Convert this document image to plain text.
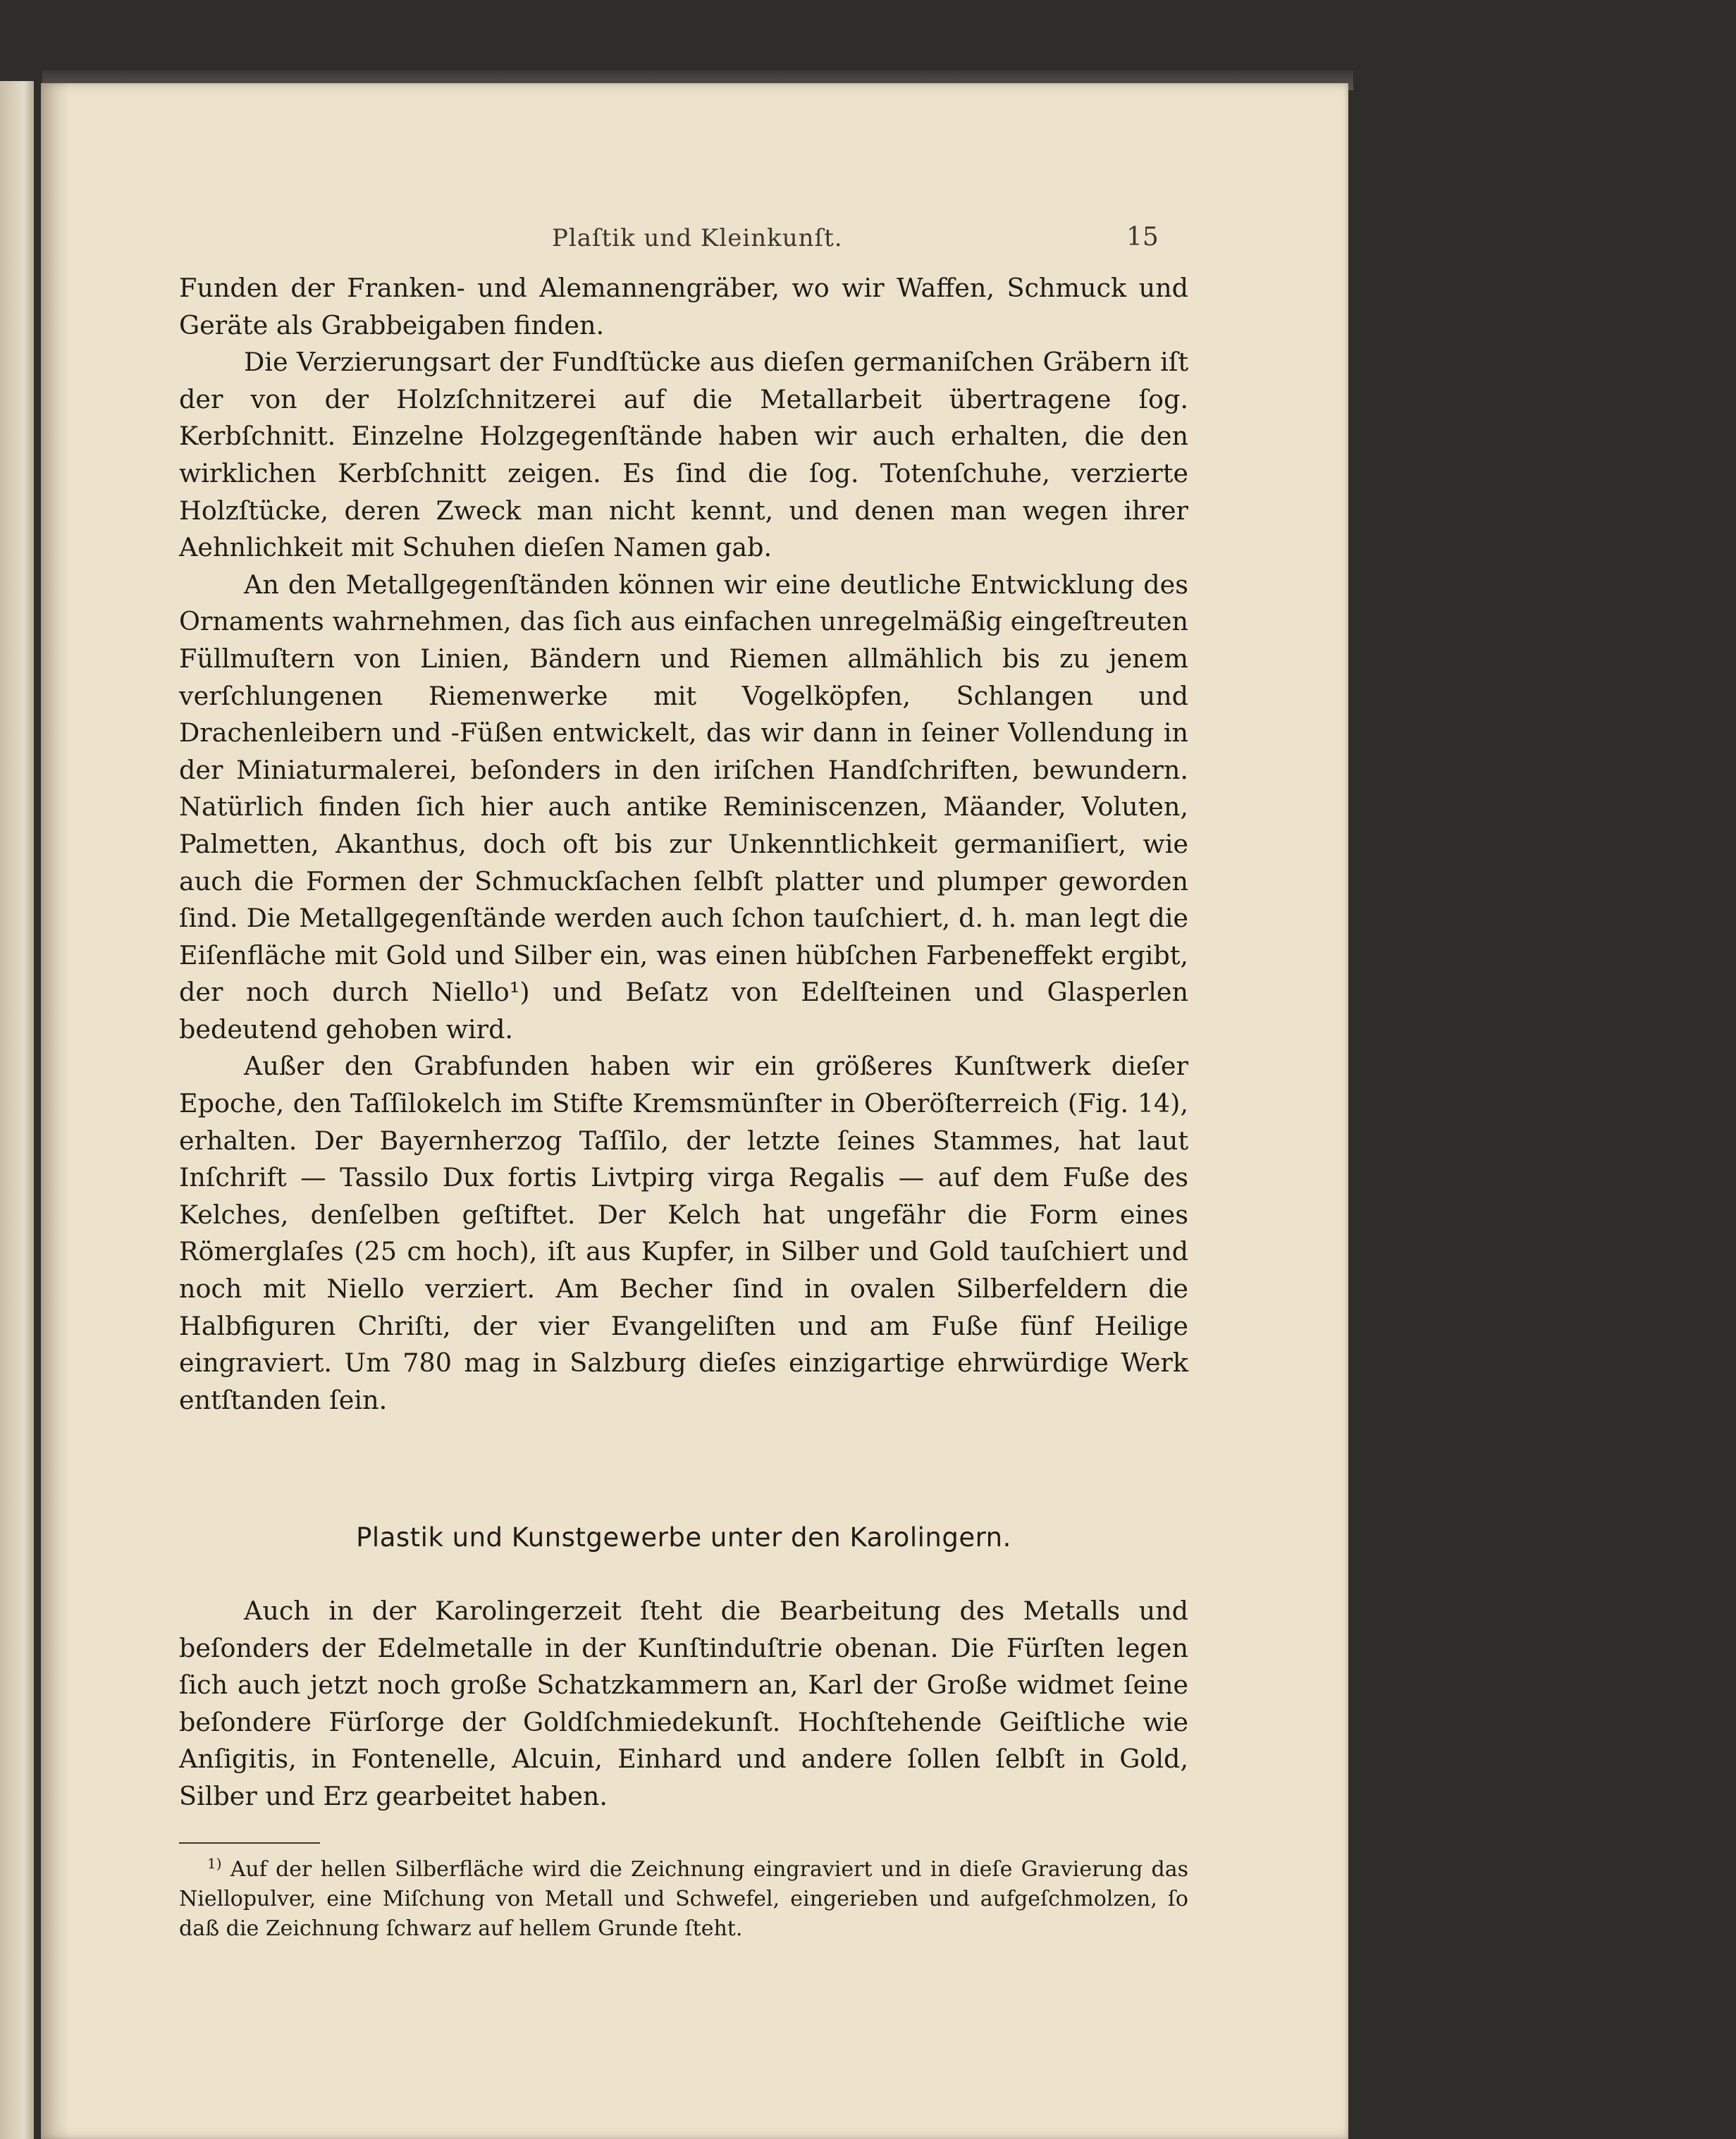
Plaſtik und Kleinkunſt.	15

Funden der Franken- und Alemannengräber, wo wir Waffen, Schmuck und Geräte als Grabbeigaben finden.

Die Verzierungsart der Fundſtücke aus dieſen germaniſchen Gräbern iſt der von der Holzſchnitzerei auf die Metallarbeit übertragene ſog. Kerbſchnitt. Einzelne Holzgegenſtände haben wir auch erhalten, die den wirklichen Kerbſchnitt zeigen. Es ſind die ſog. Totenſchuhe, verzierte Holzſtücke, deren Zweck man nicht kennt, und denen man wegen ihrer Aehnlichkeit mit Schuhen dieſen Namen gab.

An den Metallgegenſtänden können wir eine deutliche Entwicklung des Ornaments wahrnehmen, das ſich aus einfachen unregelmäßig eingeſtreuten Füllmuſtern von Linien, Bändern und Riemen allmählich bis zu jenem verſchlungenen Riemenwerke mit Vogelköpfen, Schlangen und Drachenleibern und -Füßen entwickelt, das wir dann in ſeiner Vollendung in der Miniaturmalerei, beſonders in den iriſchen Handſchriften, bewundern. Natürlich finden ſich hier auch antike Reminiscenzen, Mäander, Voluten, Palmetten, Akanthus, doch oft bis zur Unkenntlichkeit germaniſiert, wie auch die Formen der Schmuckſachen ſelbſt platter und plumper geworden ſind. Die Metallgegenſtände werden auch ſchon tauſchiert, d. h. man legt die Eiſenfläche mit Gold und Silber ein, was einen hübſchen Farbeneffekt ergibt, der noch durch Niello¹) und Beſatz von Edelſteinen und Glasperlen bedeutend gehoben wird.

Außer den Grabfunden haben wir ein größeres Kunſtwerk dieſer Epoche, den Taſſilokelch im Stifte Kremsmünſter in Oberöſterreich (Fig. 14), erhalten. Der Bayernherzog Taſſilo, der letzte ſeines Stammes, hat laut Inſchrift — Tassilo Dux fortis Livtpirg virga Regalis — auf dem Fuße des Kelches, denſelben geſtiftet. Der Kelch hat ungefähr die Form eines Römerglaſes (25 cm hoch), iſt aus Kupfer, in Silber und Gold tauſchiert und noch mit Niello verziert. Am Becher ſind in ovalen Silberfeldern die Halbfiguren Chriſti, der vier Evangeliſten und am Fuße fünf Heilige eingraviert. Um 780 mag in Salzburg dieſes einzigartige ehrwürdige Werk entſtanden ſein.

Plastik und Kunstgewerbe unter den Karolingern.

Auch in der Karolingerzeit ſteht die Bearbeitung des Metalls und beſonders der Edelmetalle in der Kunſtinduſtrie obenan. Die Fürſten legen ſich auch jetzt noch große Schatzkammern an, Karl der Große widmet ſeine beſondere Fürſorge der Goldſchmiedekunſt. Hochſtehende Geiſtliche wie Anſigitis, in Fontenelle, Alcuin, Einhard und andere ſollen ſelbſt in Gold, Silber und Erz gearbeitet haben.

$^{1)}$ Auf der hellen Silberfläche wird die Zeichnung eingraviert und in dieſe Gravierung das Niellopulver, eine Miſchung von Metall und Schwefel, eingerieben und aufgeſchmolzen, ſo daß die Zeichnung ſchwarz auf hellem Grunde ſteht.
